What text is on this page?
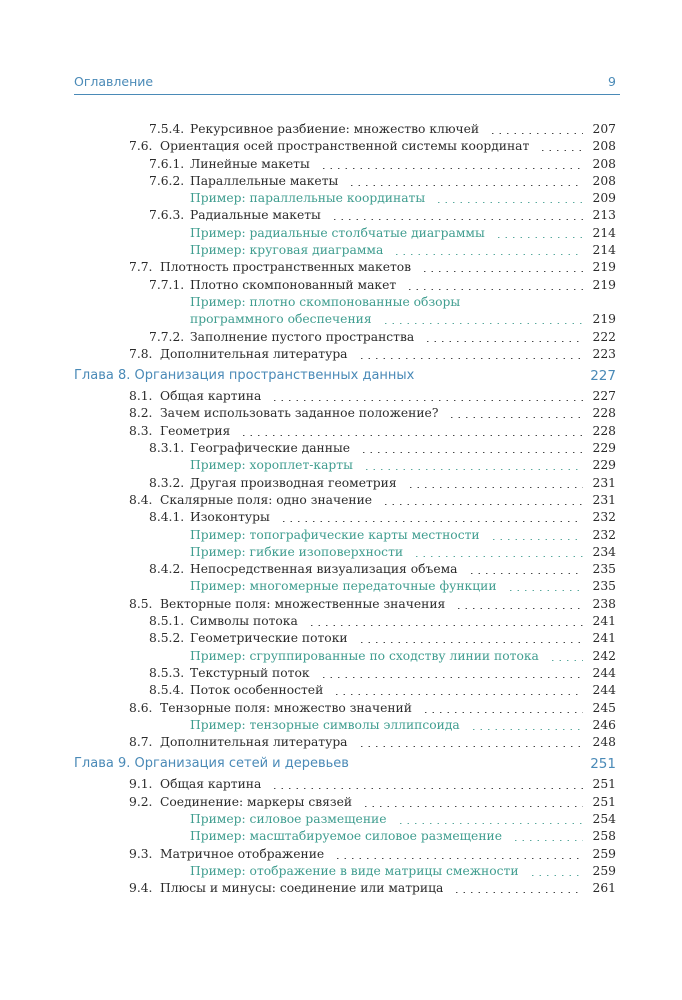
Оглавление	9
7.5.4. Рекурсивное разбиение: множество ключей	207
7.6. Ориентация осей пространственной системы координат	208
7.6.1. Линейные макеты	208
7.6.2. Параллельные макеты	208
Пример: параллельные координаты	209
7.6.3. Радиальные макеты	213
Пример: радиальные столбчатые диаграммы	214
Пример: круговая диаграмма	214
7.7. Плотность пространственных макетов	219
7.7.1. Плотно скомпонованный макет	219
Пример: плотно скомпонованные обзоры
программного обеспечения	219
7.7.2. Заполнение пустого пространства	222
7.8. Дополнительная литература	223
Глава 8. Организация пространственных данных	227
8.1. Общая картина	227
8.2. Зачем использовать заданное положение?	228
8.3. Геометрия	228
8.3.1. Географические данные	229
Пример: хороплет-карты	229
8.3.2. Другая производная геометрия	231
8.4. Скалярные поля: одно значение	231
8.4.1. Изоконтуры	232
Пример: топографические карты местности	232
Пример: гибкие изоповерхности	234
8.4.2. Непосредственная визуализация объема	235
Пример: многомерные передаточные функции	235
8.5. Векторные поля: множественные значения	238
8.5.1. Символы потока	241
8.5.2. Геометрические потоки	241
Пример: сгруппированные по сходству линии потока	242
8.5.3. Текстурный поток	244
8.5.4. Поток особенностей	244
8.6. Тензорные поля: множество значений	245
Пример: тензорные символы эллипсоида	246
8.7. Дополнительная литература	248
Глава 9. Организация сетей и деревьев	251
9.1. Общая картина	251
9.2. Соединение: маркеры связей	251
Пример: силовое размещение	254
Пример: масштабируемое силовое размещение	258
9.3. Матричное отображение	259
Пример: отображение в виде матрицы смежности	259
9.4. Плюсы и минусы: соединение или матрица	261
